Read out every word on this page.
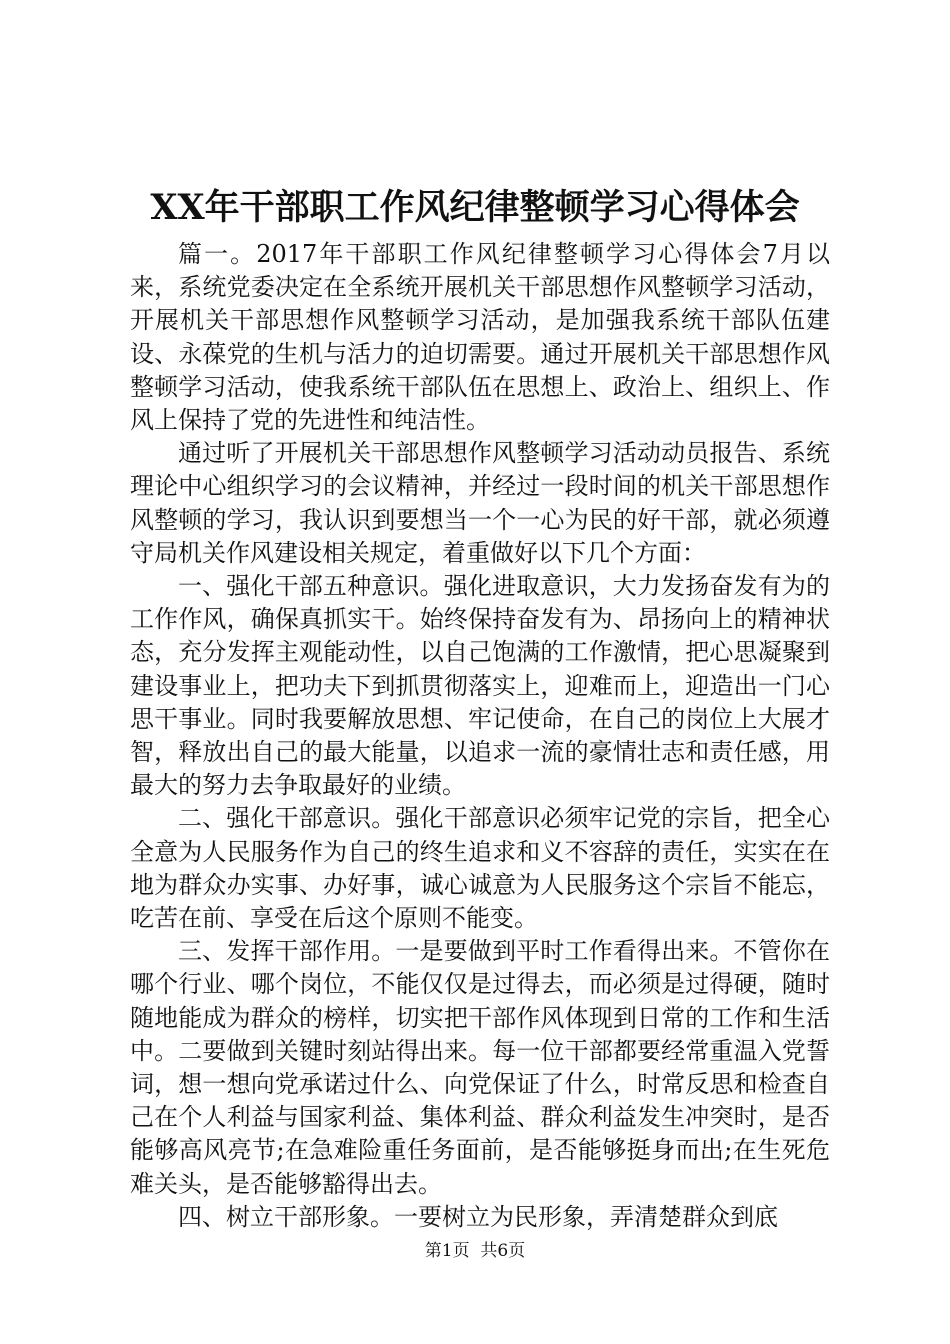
XX年干部职工作风纪律整顿学习心得体会

篇一。2017年干部职工作风纪律整顿学习心得体会7月以来，系统党委决定在全系统开展机关干部思想作风整顿学习活动，开展机关干部思想作风整顿学习活动，是加强我系统干部队伍建设、永葆党的生机与活力的迫切需要。通过开展机关干部思想作风整顿学习活动，使我系统干部队伍在思想上、政治上、组织上、作风上保持了党的先进性和纯洁性。

通过听了开展机关干部思想作风整顿学习活动动员报告、系统理论中心组织学习的会议精神，并经过一段时间的机关干部思想作风整顿的学习，我认识到要想当一个一心为民的好干部，就必须遵守局机关作风建设相关规定，着重做好以下几个方面：

一、强化干部五种意识。强化进取意识，大力发扬奋发有为的工作作风，确保真抓实干。始终保持奋发有为、昂扬向上的精神状态，充分发挥主观能动性，以自己饱满的工作激情，把心思凝聚到建设事业上，把功夫下到抓贯彻落实上，迎难而上，迎造出一门心思干事业。同时我要解放思想、牢记使命，在自己的岗位上大展才智，释放出自己的最大能量，以追求一流的豪情壮志和责任感，用最大的努力去争取最好的业绩。

二、强化干部意识。强化干部意识必须牢记党的宗旨，把全心全意为人民服务作为自己的终生追求和义不容辞的责任，实实在在地为群众办实事、办好事，诚心诚意为人民服务这个宗旨不能忘，吃苦在前、享受在后这个原则不能变。

三、发挥干部作用。一是要做到平时工作看得出来。不管你在哪个行业、哪个岗位，不能仅仅是过得去，而必须是过得硬，随时随地能成为群众的榜样，切实把干部作风体现到日常的工作和生活中。二要做到关键时刻站得出来。每一位干部都要经常重温入党誓词，想一想向党承诺过什么、向党保证了什么，时常反思和检查自己在个人利益与国家利益、集体利益、群众利益发生冲突时，是否能够高风亮节;在急难险重任务面前，是否能够挺身而出;在生死危难关头，是否能够豁得出去。

四、树立干部形象。一要树立为民形象，弄清楚群众到底

第1页  共6页
